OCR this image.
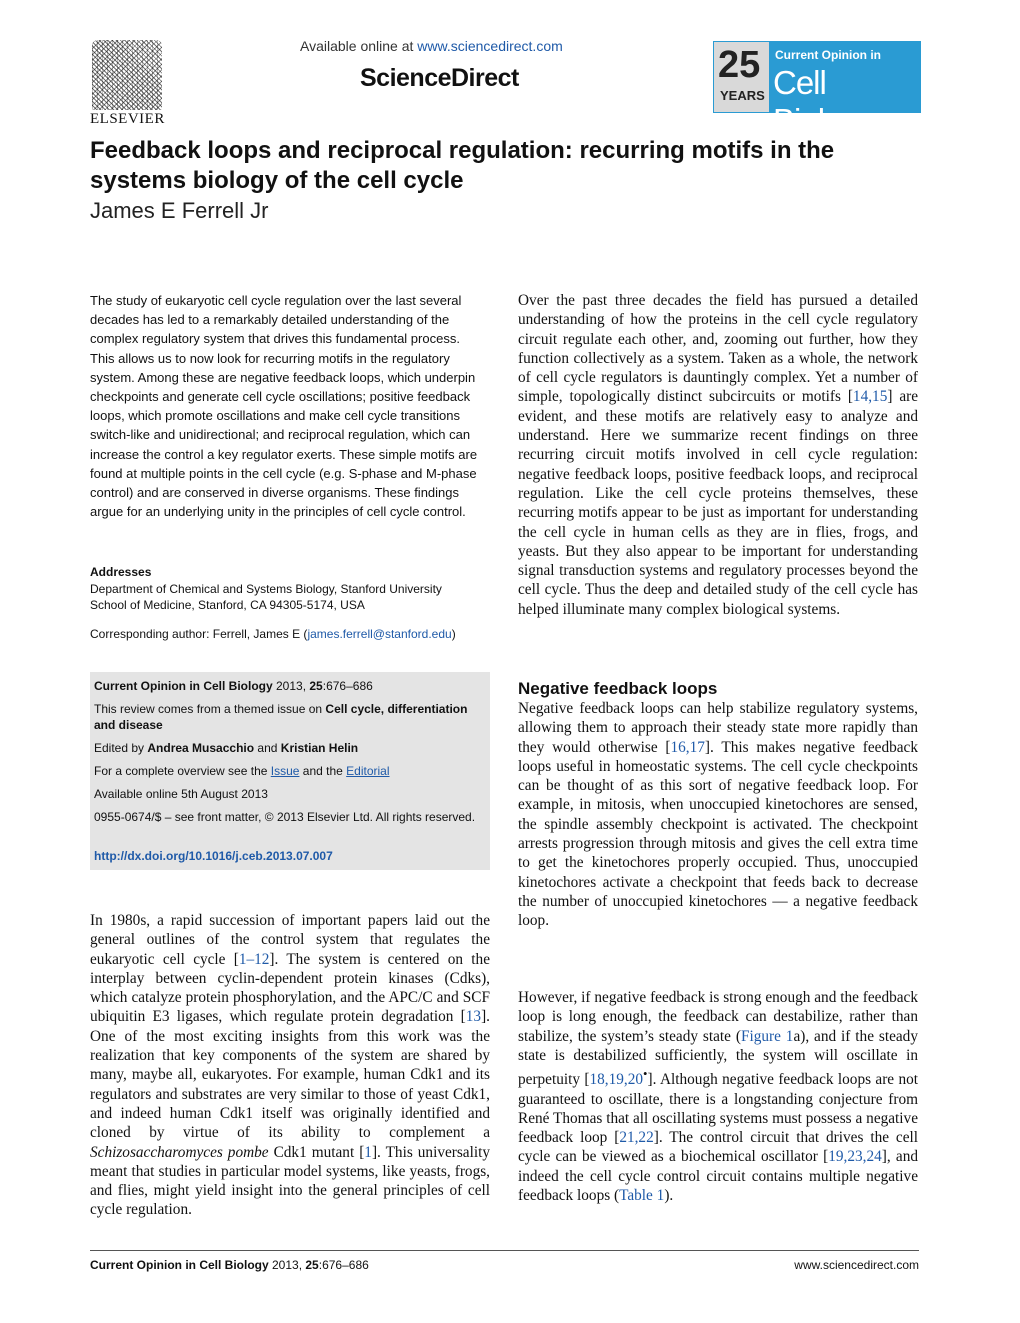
ELSEVIER
Available online at www.sciencedirect.com
ScienceDirect	25
YEARS
Current Opinion in
Cell Biology
Feedback loops and reciprocal regulation: recurring motifs in the systems biology of the cell cycle
James E Ferrell Jr
The study of eukaryotic cell cycle regulation over the last several decades has led to a remarkably detailed understanding of the complex regulatory system that drives this fundamental process. This allows us to now look for recurring motifs in the regulatory system. Among these are negative feedback loops, which underpin checkpoints and generate cell cycle oscillations; positive feedback loops, which promote oscillations and make cell cycle transitions switch-like and unidirectional; and reciprocal regulation, which can increase the control a key regulator exerts. These simple motifs are found at multiple points in the cell cycle (e.g. S-phase and M-phase control) and are conserved in diverse organisms. These findings argue for an underlying unity in the principles of cell cycle control.
Addresses
Department of Chemical and Systems Biology, Stanford University
School of Medicine, Stanford, CA 94305-5174, USA
Corresponding author: Ferrell, James E (james.ferrell@stanford.edu)
Current Opinion in Cell Biology 2013, 25:676–686
This review comes from a themed issue on Cell cycle, differentiation and disease
Edited by Andrea Musacchio and Kristian Helin
For a complete overview see the Issue and the Editorial
Available online 5th August 2013
0955-0674/$ – see front matter, © 2013 Elsevier Ltd. All rights reserved.
http://dx.doi.org/10.1016/j.ceb.2013.07.007
In 1980s, a rapid succession of important papers laid out the general outlines of the control system that regulates the eukaryotic cell cycle [1–12]. The system is centered on the interplay between cyclin-dependent protein kinases (Cdks), which catalyze protein phosphorylation, and the APC/C and SCF ubiquitin E3 ligases, which regulate protein degradation [13]. One of the most exciting insights from this work was the realization that key components of the system are shared by many, maybe all, eukaryotes. For example, human Cdk1 and its regulators and substrates are very similar to those of yeast Cdk1, and indeed human Cdk1 itself was originally identified and cloned by virtue of its ability to complement a Schizosaccharomyces pombe Cdk1 mutant [1]. This universality meant that studies in particular model systems, like yeasts, frogs, and flies, might yield insight into the general principles of cell cycle regulation.
Over the past three decades the field has pursued a detailed understanding of how the proteins in the cell cycle regulatory circuit regulate each other, and, zooming out further, how they function collectively as a system. Taken as a whole, the network of cell cycle regulators is dauntingly complex. Yet a number of simple, topologically distinct subcircuits or motifs [14,15] are evident, and these motifs are relatively easy to analyze and understand. Here we summarize recent findings on three recurring circuit motifs involved in cell cycle regulation: negative feedback loops, positive feedback loops, and reciprocal regulation. Like the cell cycle proteins themselves, these recurring motifs appear to be just as important for understanding the cell cycle in human cells as they are in flies, frogs, and yeasts. But they also appear to be important for understanding signal transduction systems and regulatory processes beyond the cell cycle. Thus the deep and detailed study of the cell cycle has helped illuminate many complex biological systems.
Negative feedback loops
Negative feedback loops can help stabilize regulatory systems, allowing them to approach their steady state more rapidly than they would otherwise [16,17]. This makes negative feedback loops useful in homeostatic systems. The cell cycle checkpoints can be thought of as this sort of negative feedback loop. For example, in mitosis, when unoccupied kinetochores are sensed, the spindle assembly checkpoint is activated. The checkpoint arrests progression through mitosis and gives the cell extra time to get the kinetochores properly occupied. Thus, unoccupied kinetochores activate a checkpoint that feeds back to decrease the number of unoccupied kinetochores — a negative feedback loop.
However, if negative feedback is strong enough and the feedback loop is long enough, the feedback can destabilize, rather than stabilize, the system’s steady state (Figure 1a), and if the steady state is destabilized sufficiently, the system will oscillate in perpetuity [18,19,20•]. Although negative feedback loops are not guaranteed to oscillate, there is a longstanding conjecture from René Thomas that all oscillating systems must possess a negative feedback loop [21,22]. The control circuit that drives the cell cycle can be viewed as a biochemical oscillator [19,23,24], and indeed the cell cycle control circuit contains multiple negative feedback loops (Table 1).
Current Opinion in Cell Biology 2013, 25:676–686	www.sciencedirect.com
